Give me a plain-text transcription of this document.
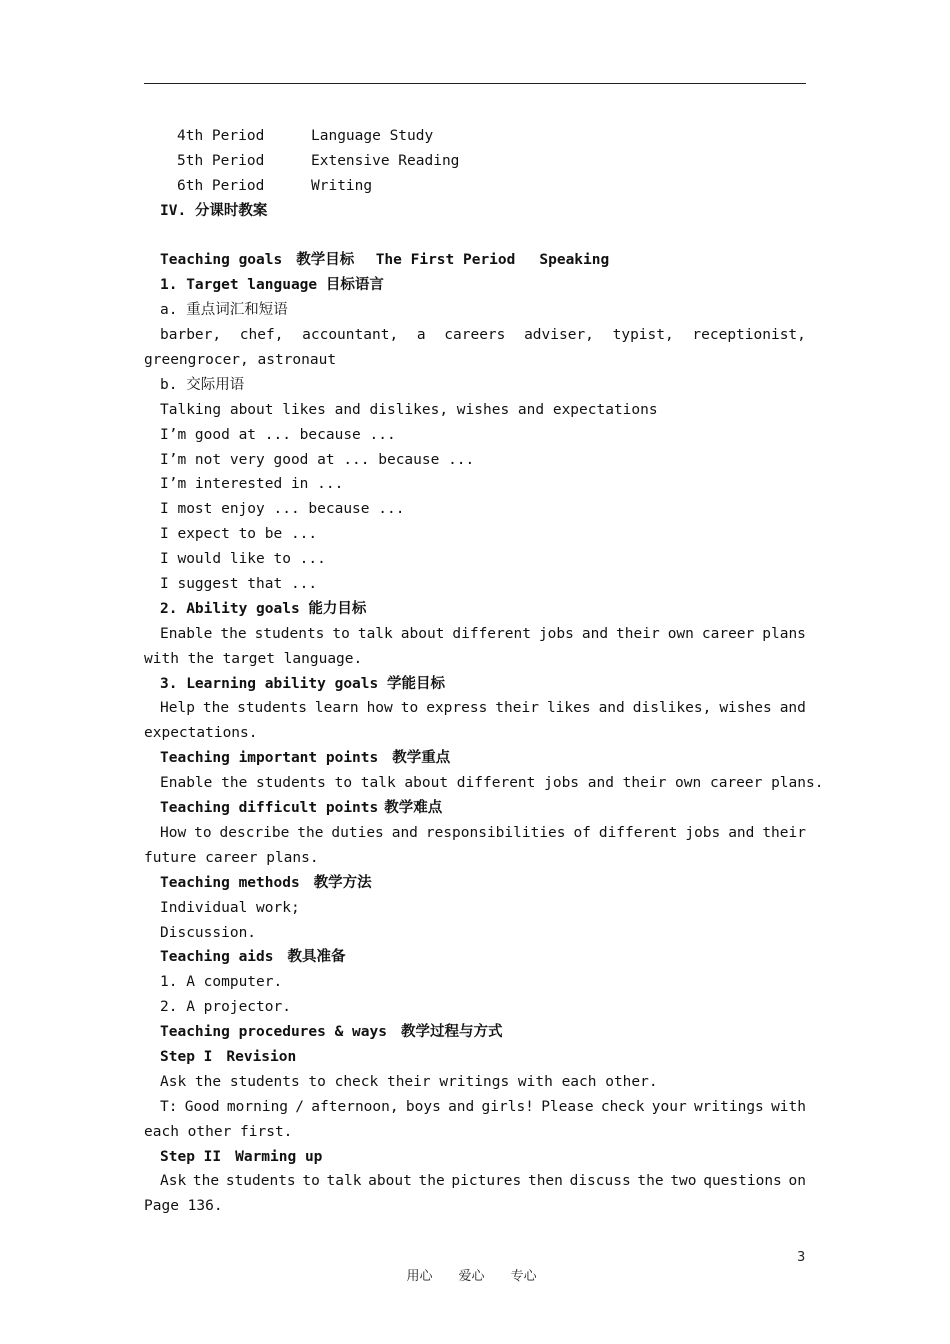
4th Period	Language Study
5th Period	Extensive Reading
6th Period	Writing
IV. 分课时教案

The First Period Speaking

Teaching goals 教学目标
1. Target language 目标语言
a. 重点词汇和短语
barber, chef, accountant, a careers adviser, typist, receptionist,
greengrocer, astronaut
b. 交际用语
Talking about likes and dislikes, wishes and expectations
I’m good at ... because ...
I’m not very good at ... because ...
I’m interested in ...
I most enjoy ... because ...
I expect to be ...
I would like to ...
I suggest that ...
2. Ability goals 能力目标
Enable the students to talk about different jobs and their own career plans
with the target language.
3. Learning ability goals 学能目标
Help the students learn how to express their likes and dislikes, wishes and
expectations.
Teaching important points 教学重点
Enable the students to talk about different jobs and their own career plans.
Teaching difficult points 教学难点
How to describe the duties and responsibilities of different jobs and their
future career plans.
Teaching methods 教学方法
Individual work;
Discussion.
Teaching aids 教具准备
1. A computer.
2. A projector.
Teaching procedures & ways 教学过程与方式
Step I Revision
Ask the students to check their writings with each other.
T: Good morning / afternoon, boys and girls! Please check your writings with
each other first.
Step II Warming up
Ask the students to talk about the pictures then discuss the two questions on
Page 136.

用心 爱心 专心

3
